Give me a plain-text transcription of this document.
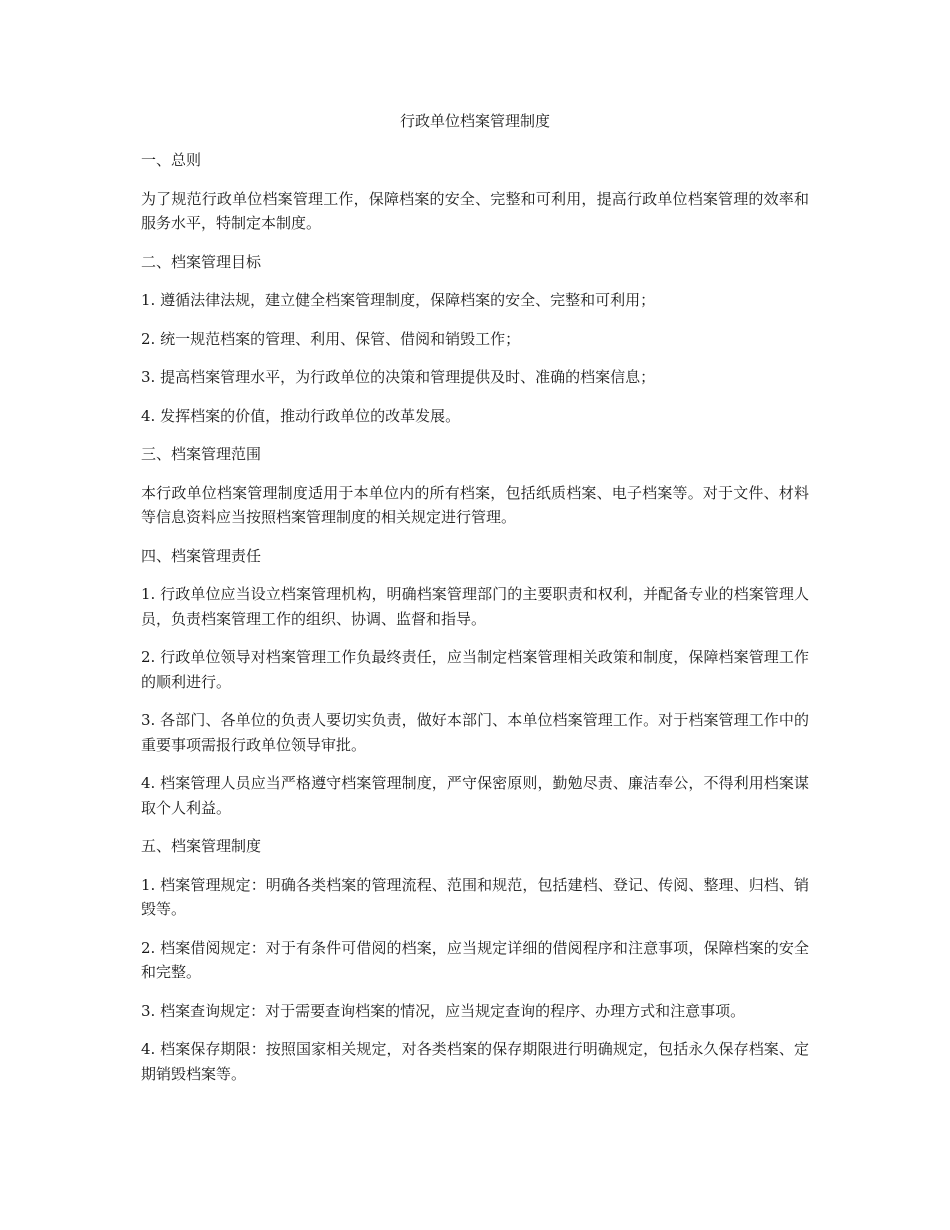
行政单位档案管理制度
一、总则
为了规范行政单位档案管理工作，保障档案的安全、完整和可利用，提高行政单位档案管理的效率和服务水平，特制定本制度。
二、档案管理目标
1. 遵循法律法规，建立健全档案管理制度，保障档案的安全、完整和可利用；
2. 统一规范档案的管理、利用、保管、借阅和销毁工作；
3. 提高档案管理水平，为行政单位的决策和管理提供及时、准确的档案信息；
4. 发挥档案的价值，推动行政单位的改革发展。
三、档案管理范围
本行政单位档案管理制度适用于本单位内的所有档案，包括纸质档案、电子档案等。对于文件、材料等信息资料应当按照档案管理制度的相关规定进行管理。
四、档案管理责任
1. 行政单位应当设立档案管理机构，明确档案管理部门的主要职责和权利，并配备专业的档案管理人员，负责档案管理工作的组织、协调、监督和指导。
2. 行政单位领导对档案管理工作负最终责任，应当制定档案管理相关政策和制度，保障档案管理工作的顺利进行。
3. 各部门、各单位的负责人要切实负责，做好本部门、本单位档案管理工作。对于档案管理工作中的重要事项需报行政单位领导审批。
4. 档案管理人员应当严格遵守档案管理制度，严守保密原则，勤勉尽责、廉洁奉公，不得利用档案谋取个人利益。
五、档案管理制度
1. 档案管理规定：明确各类档案的管理流程、范围和规范，包括建档、登记、传阅、整理、归档、销毁等。
2. 档案借阅规定：对于有条件可借阅的档案，应当规定详细的借阅程序和注意事项，保障档案的安全和完整。
3. 档案查询规定：对于需要查询档案的情况，应当规定查询的程序、办理方式和注意事项。
4. 档案保存期限：按照国家相关规定，对各类档案的保存期限进行明确规定，包括永久保存档案、定期销毁档案等。
